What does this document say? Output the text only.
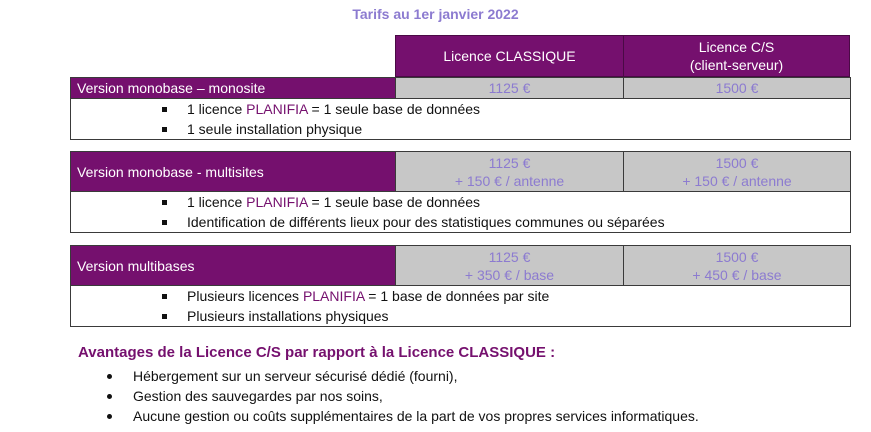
Tarifs au 1er janvier 2022
Licence CLASSIQUE
Licence C/S
(client-serveur)
Version monobase – monosite	1125 €	1500 €
1 licence PLANIFIA = 1 seule base de données
1 seule installation physique
Version monobase - multisites
1125 €
+ 150 € / antenne
1500 €
+ 150 € / antenne
1 licence PLANIFIA = 1 seule base de données
Identification de différents lieux pour des statistiques communes ou séparées
Version multibases
1125 €
+ 350 € / base
1500 €
+ 450 € / base
Plusieurs licences PLANIFIA = 1 base de données par site
Plusieurs installations physiques
Avantages de la Licence C/S par rapport à la Licence CLASSIQUE :
Hébergement sur un serveur sécurisé dédié (fourni),
Gestion des sauvegardes par nos soins,
Aucune gestion ou coûts supplémentaires de la part de vos propres services informatiques.
